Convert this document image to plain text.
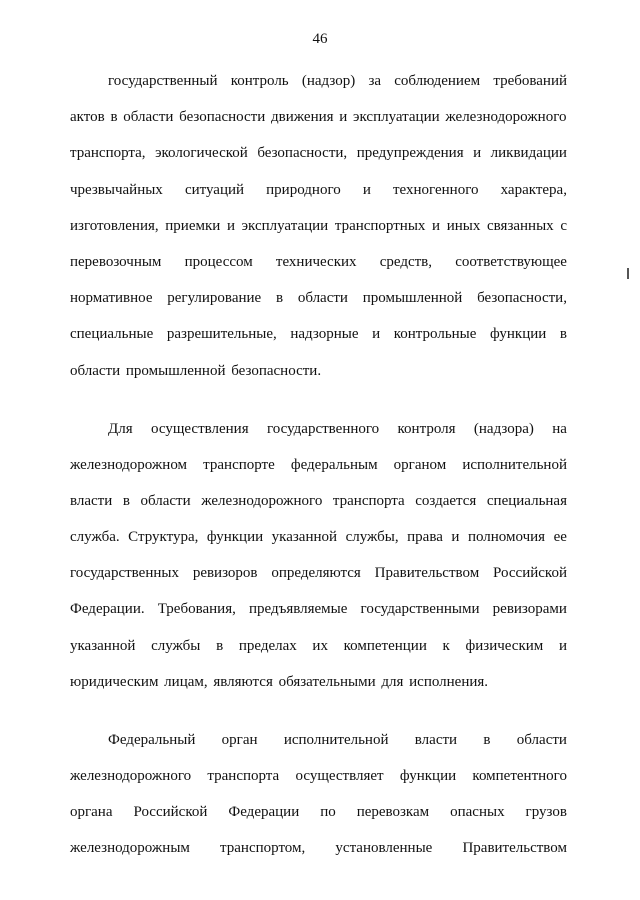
46
государственный контроль (надзор) за соблюдением требований
актов в области безопасности движения и эксплуатации железнодорожного
транспорта, экологической безопасности, предупреждения и ликвидации
чрезвычайных ситуаций природного и техногенного характера,
изготовления, приемки и эксплуатации транспортных и иных связанных с
перевозочным процессом технических средств, соответствующее
нормативное регулирование в области промышленной безопасности,
специальные разрешительные, надзорные и контрольные функции в
области промышленной безопасности.
Для осуществления государственного контроля (надзора) на
железнодорожном транспорте федеральным органом исполнительной
власти в области железнодорожного транспорта создается специальная
служба. Структура, функции указанной службы, права и полномочия ее
государственных ревизоров определяются Правительством Российской
Федерации. Требования, предъявляемые государственными ревизорами
указанной службы в пределах их компетенции к физическим и
юридическим лицам, являются обязательными для исполнения.
Федеральный орган исполнительной власти в области
железнодорожного транспорта осуществляет функции компетентного
органа Российской Федерации по перевозкам опасных грузов
железнодорожным транспортом, установленные Правительством
